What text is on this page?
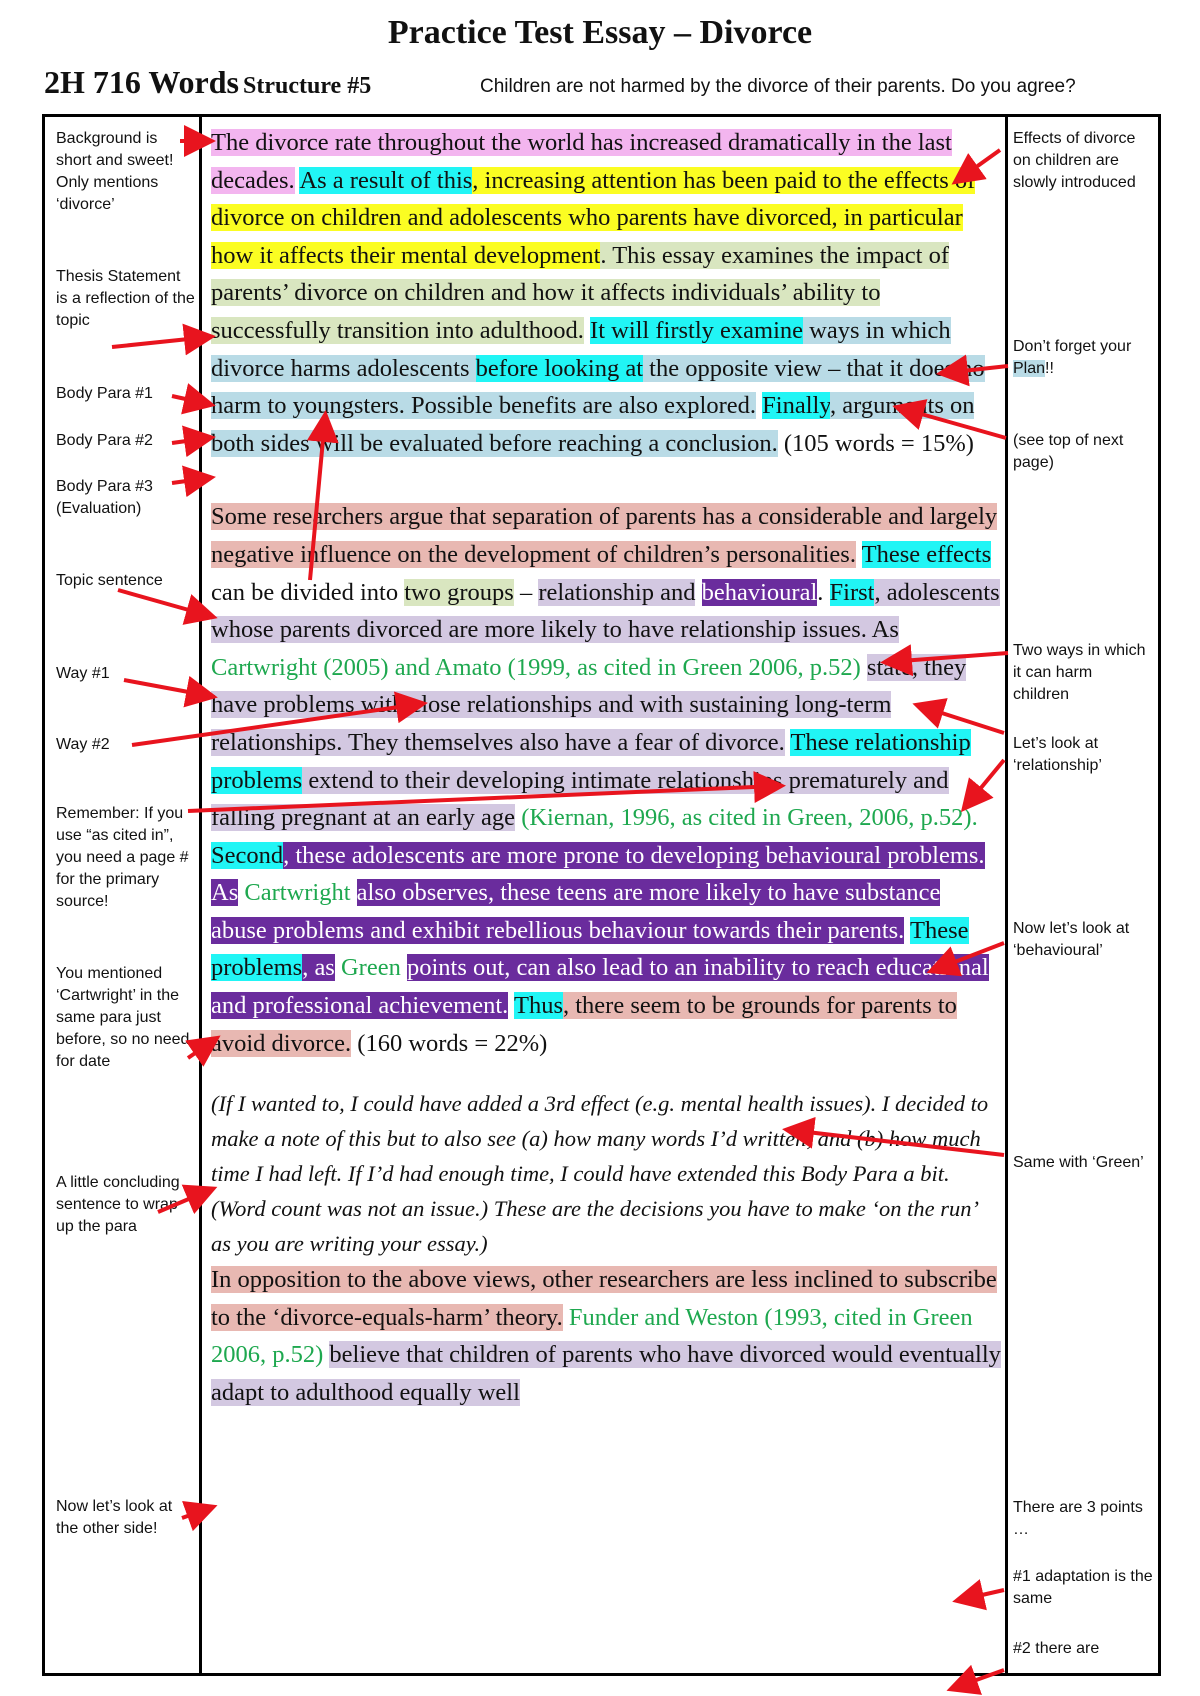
Practice Test Essay – Divorce
2H 716 Words Structure #5	Children are not harmed by the divorce of their parents. Do you agree?
Background is short and sweet! Only mentions ‘divorce’
Thesis Statement is a reflection of the topic
Body Para #1
Body Para #2
Body Para #3 (Evaluation)
Topic sentence
Way #1
Way #2
Remember: If you use “as cited in”, you need a page # for the primary source!
You mentioned ‘Cartwright’ in the same para just before, so no need for date
A little concluding sentence to wrap up the para
Now let’s look at the other side!
Effects of divorce on children are slowly introduced
Don’t forget your Plan!!
(see top of next page)
Two ways in which it can harm children
Let’s look at ‘relationship’
Now let’s look at ‘behavioural’
Same with ‘Green’
There are 3 points …
#1 adaptation is the same
#2 there are

The divorce rate throughout the world has increased dramatically in the last decades. As a result of this, increasing attention has been paid to the effects of divorce on children and adolescents who parents have divorced, in particular how it affects their mental development. This essay examines the impact of parents’ divorce on children and how it affects individuals’ ability to successfully transition into adulthood. It will firstly examine ways in which divorce harms adolescents before looking at the opposite view – that it does no harm to youngsters. Possible benefits are also explored. Finally, arguments on both sides will be evaluated before reaching a conclusion. (105 words = 15%)

Some researchers argue that separation of parents has a considerable and largely negative influence on the development of children’s personalities. These effects can be divided into two groups – relationship and behavioural. First, adolescents whose parents divorced are more likely to have relationship issues. As Cartwright (2005) and Amato (1999, as cited in Green 2006, p.52) state, they have problems with close relationships and with sustaining long-term relationships. They themselves also have a fear of divorce. These relationship problems extend to their developing intimate relationships prematurely and falling pregnant at an early age (Kiernan, 1996, as cited in Green, 2006, p.52). Second, these adolescents are more prone to developing behavioural problems. As Cartwright also observes, these teens are more likely to have substance abuse problems and exhibit rebellious behaviour towards their parents. These problems, as Green points out, can also lead to an inability to reach educational and professional achievement. Thus, there seem to be grounds for parents to avoid divorce. (160 words = 22%)

(If I wanted to, I could have added a 3rd effect (e.g. mental health issues). I decided to make a note of this but to also see (a) how many words I’d written, and (b) how much time I had left. If I’d had enough time, I could have extended this Body Para a bit. (Word count was not an issue.) These are the decisions you have to make ‘on the run’ as you are writing your essay.)

In opposition to the above views, other researchers are less inclined to subscribe to the ‘divorce-equals-harm’ theory. Funder and Weston (1993, cited in Green 2006, p.52) believe that children of parents who have divorced would eventually adapt to adulthood equally well
